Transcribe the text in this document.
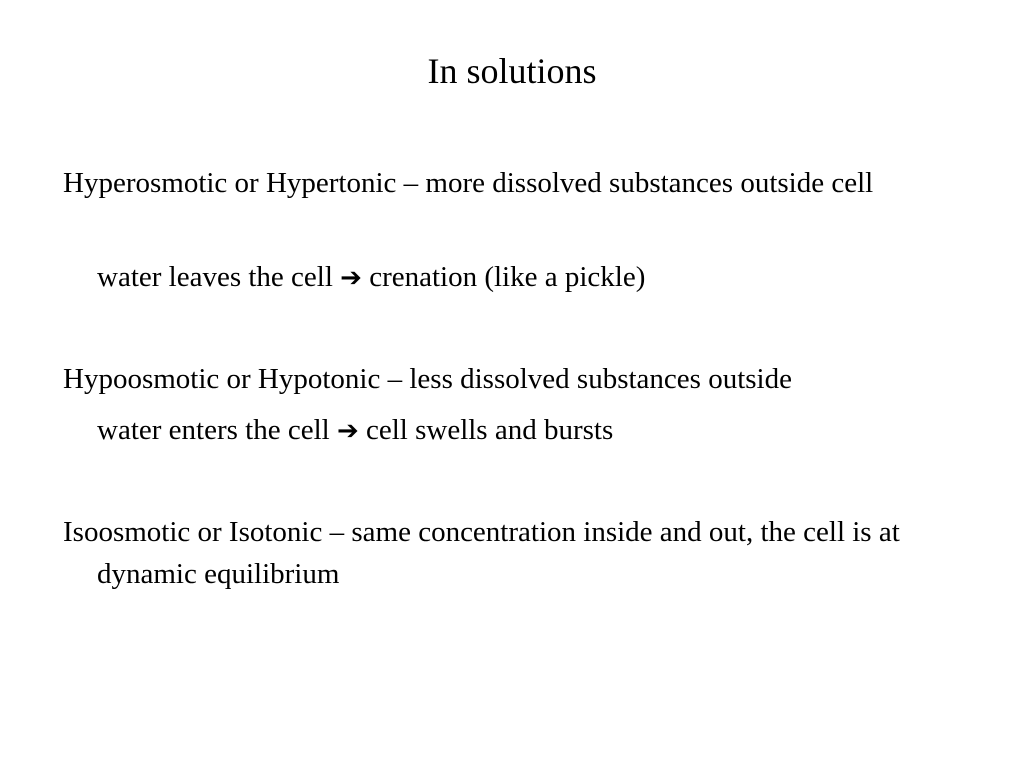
In solutions
Hyperosmotic or Hypertonic – more dissolved substances outside cell
water leaves the cell ➔ crenation (like a pickle)
Hypoosmotic or Hypotonic – less dissolved substances outside
water enters the cell ➔ cell swells and bursts
Isoosmotic or Isotonic – same concentration inside and out, the cell is at dynamic equilibrium
